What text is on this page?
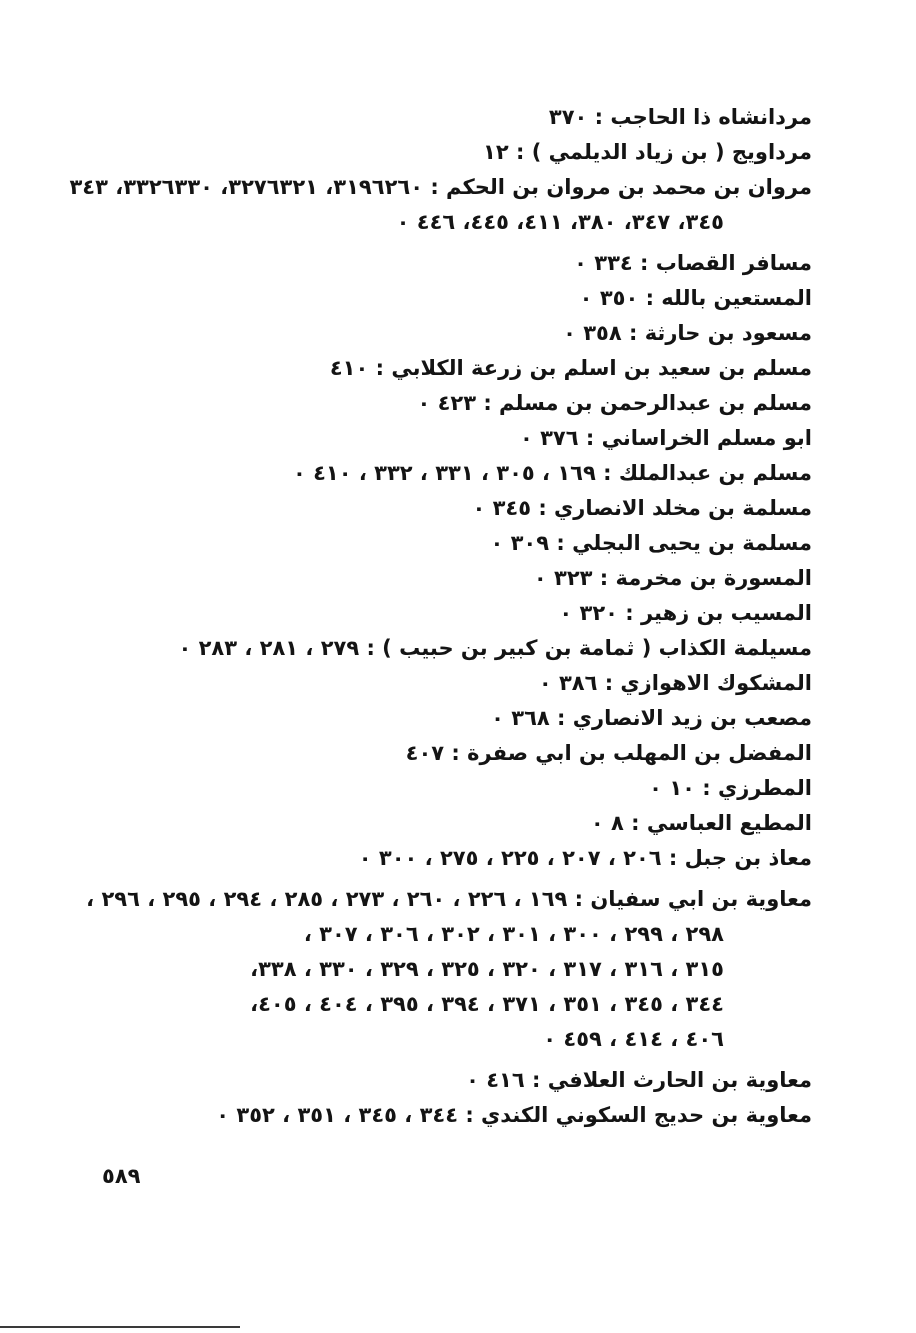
مردانشاه ذا الحاجب : ٣٧٠
مرداويج ( بن زياد الديلمي ) : ١٢
مروان بن محمد بن مروان بن الحكم : ٣١٩٦٢٦٠، ٣٢٧٦٣٢١، ٣٣٢٦٣٣٠، ٣٤٣
٣٤٥، ٣٤٧، ٣٨٠، ٤١١، ٤٤٥، ٤٤٦ ٠
مسافر القصاب : ٣٣٤ ٠
المستعين بالله : ٣٥٠ ٠
مسعود بن حارثة : ٣٥٨ ٠
مسلم بن سعيد بن اسلم بن زرعة الكلابي : ٤١٠
مسلم بن عبدالرحمن بن مسلم : ٤٢٣ ٠
ابو مسلم الخراساني : ٣٧٦ ٠
مسلم بن عبدالملك : ١٦٩ ، ٣٠٥ ، ٣٣١ ، ٣٣٢ ، ٤١٠ ٠
مسلمة بن مخلد الانصاري : ٣٤٥ ٠
مسلمة بن يحيى البجلي : ٣٠٩ ٠
المسورة بن مخرمة : ٣٢٣ ٠
المسيب بن زهير : ٣٢٠ ٠
مسيلمة الكذاب ( ثمامة بن كبير بن حبيب ) : ٢٧٩ ، ٢٨١ ، ٢٨٣ ٠
المشكوك الاهوازي : ٣٨٦ ٠
مصعب بن زيد الانصاري : ٣٦٨ ٠
المفضل بن المهلب بن ابي صفرة : ٤٠٧
المطرزي : ١٠ ٠
المطيع العباسي : ٨ ٠
معاذ بن جبل : ٢٠٦ ، ٢٠٧ ، ٢٢٥ ، ٢٧٥ ، ٣٠٠ ٠
معاوية بن ابي سفيان : ١٦٩ ، ٢٢٦ ، ٢٦٠ ، ٢٧٣ ، ٢٨٥ ، ٢٩٤ ، ٢٩٥ ، ٢٩٦ ،
٢٩٨ ، ٢٩٩ ، ٣٠٠ ، ٣٠١ ، ٣٠٢ ، ٣٠٦ ، ٣٠٧ ،
٣١٥ ، ٣١٦ ، ٣١٧ ، ٣٢٠ ، ٣٢٥ ، ٣٢٩ ، ٣٣٠ ، ٣٣٨،
٣٤٤ ، ٣٤٥ ، ٣٥١ ، ٣٧١ ، ٣٩٤ ، ٣٩٥ ، ٤٠٤ ، ٤٠٥،
٤٠٦ ، ٤١٤ ، ٤٥٩ ٠
معاوية بن الحارث العلافي : ٤١٦ ٠
معاوية بن حديج السكوني الكندي : ٣٤٤ ، ٣٤٥ ، ٣٥١ ، ٣٥٢ ٠
٥٨٩
